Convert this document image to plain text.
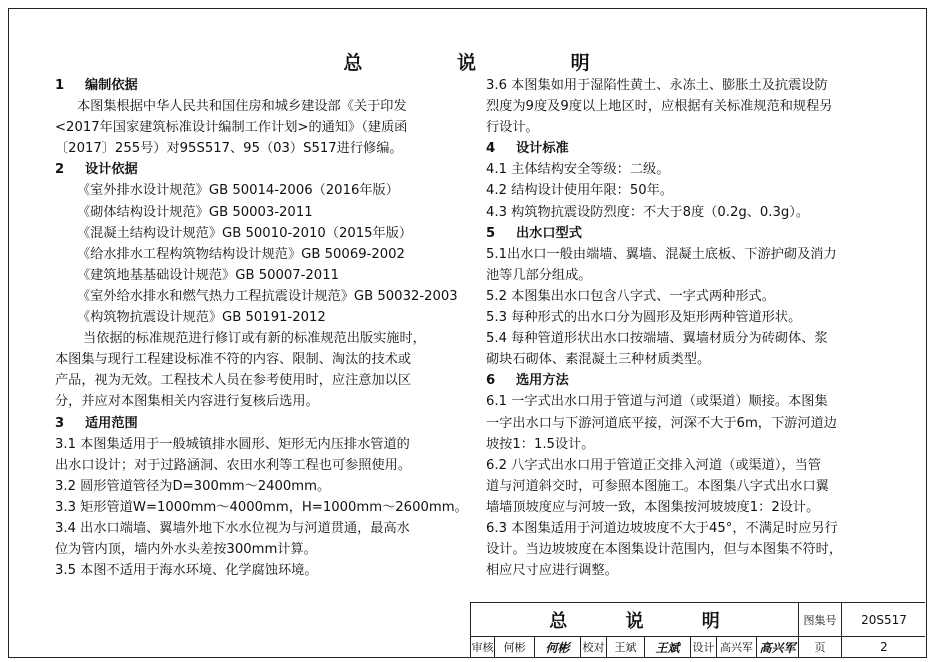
总 说 明
1 编制依据
本图集根据中华人民共和国住房和城乡建设部《关于印发
<2017年国家建筑标准设计编制工作计划>的通知》（建质函
〔2017〕255号）对95S517、95（03）S517进行修编。
2 设计依据
《室外排水设计规范》GB 50014-2006（2016年版）
《砌体结构设计规范》GB 50003-2011
《混凝土结构设计规范》GB 50010-2010（2015年版）
《给水排水工程构筑物结构设计规范》GB 50069-2002
《建筑地基基础设计规范》GB 50007-2011
《室外给水排水和燃气热力工程抗震设计规范》GB 50032-2003
《构筑物抗震设计规范》GB 50191-2012
当依据的标准规范进行修订或有新的标准规范出版实施时，
本图集与现行工程建设标准不符的内容、限制、淘汰的技术或
产品，视为无效。工程技术人员在参考使用时，应注意加以区
分，并应对本图集相关内容进行复核后选用。
3 适用范围
3.1 本图集适用于一般城镇排水圆形、矩形无内压排水管道的
出水口设计；对于过路涵洞、农田水利等工程也可参照使用。
3.2 圆形管道管径为D=300mm～2400mm。
3.3 矩形管道W=1000mm～4000mm，H=1000mm～2600mm。
3.4 出水口端墙、翼墙外地下水水位视为与河道贯通，最高水
位为管内顶，墙内外水头差按300mm计算。
3.5 本图不适用于海水环境、化学腐蚀环境。
3.6 本图集如用于湿陷性黄土、永冻土、膨胀土及抗震设防
烈度为9度及9度以上地区时，应根据有关标准规范和规程另
行设计。
4 设计标准
4.1 主体结构安全等级：二级。
4.2 结构设计使用年限：50年。
4.3 构筑物抗震设防烈度：不大于8度（0.2g、0.3g）。
5 出水口型式
5.1出水口一般由端墙、翼墙、混凝土底板、下游护砌及消力
池等几部分组成。
5.2 本图集出水口包含八字式、一字式两种形式。
5.3 每种形式的出水口分为圆形及矩形两种管道形状。
5.4 每种管道形状出水口按端墙、翼墙材质分为砖砌体、浆
砌块石砌体、素混凝土三种材质类型。
6 选用方法
6.1 一字式出水口用于管道与河道（或渠道）顺接。本图集
一字出水口与下游河道底平接，河深不大于6m，下游河道边
坡按1：1.5设计。
6.2 八字式出水口用于管道正交排入河道（或渠道），当管
道与河道斜交时，可参照本图施工。本图集八字式出水口翼
墙墙顶坡度应与河坡一致，本图集按河坡坡度1：2设计。
6.3 本图集适用于河道边坡坡度不大于45°，不满足时应另行
设计。当边坡坡度在本图集设计范围内，但与本图集不符时，
相应尺寸应进行调整。
总 说 明	图集号	20S517
审核 何彬	何彬	校对 王斌	王斌	设计 高兴军 高兴军	页	2
